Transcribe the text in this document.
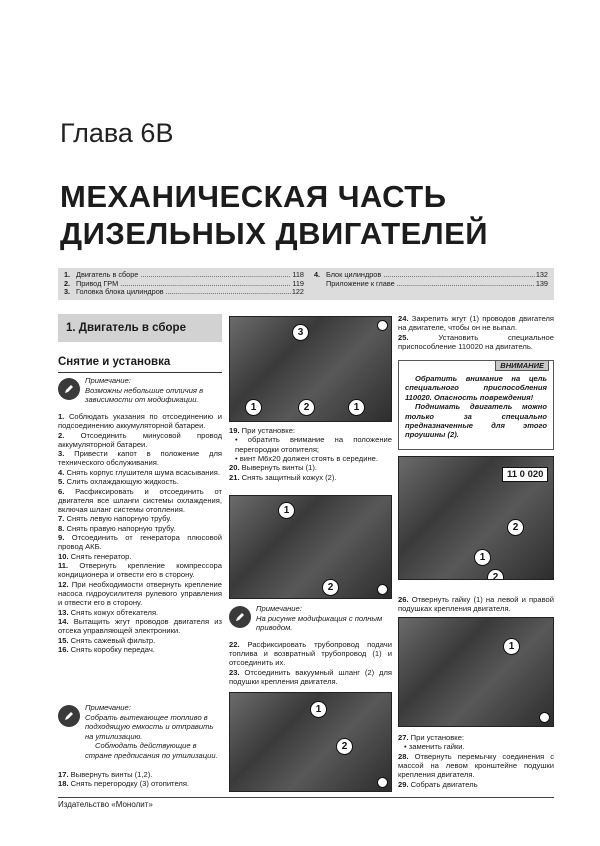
Глава 6В
МЕХАНИЧЕСКАЯ ЧАСТЬ
ДИЗЕЛЬНЫХ ДВИГАТЕЛЕЙ
1. Двигатель в сборе .....	118
2. Привод ГРМ .....	119
3. Головка блока цилиндров .....	122
4. Блок цилиндров .....	132
Приложение к главе .....	139
1. Двигатель в сборе
Снятие и установка
Примечание:
Возможны небольшие отличия в зависимости от модификации.

1. Соблюдать указания по отсоединению и подсоединению аккумуляторной батареи.

2. Отсоединить минусовой провод аккумуляторной батареи.

3. Привести капот в положение для технического обслуживания.

4. Снять корпус глушителя шума всасывания.

5. Слить охлаждающую жидкость.

6. Расфиксировать и отсоединить от двигателя все шланги системы охлаждения, включая шланг системы отопления.

7. Снять левую напорную трубу.

8. Снять правую напорную трубу.

9. Отсоединить от генератора плюсовой провод АКБ.

10. Снять генератор.

11. Отвернуть крепление компрессора кондиционера и отвести его в сторону.

12. При необходимости отвернуть крепление насоса гидроусилителя рулевого управления и отвести его в сторону.

13. Снять кожух обтекателя.

14. Вытащить жгут проводов двигателя из отсека управляющей электроники.

15. Снять сажевый фильтр.

16. Снять коробку передач.

Примечание:
Собрать вытекающее топливо в подходящую емкость и отправить на утилизацию.
Соблюдать действующие в стране предписания по утилизации.

17. Вывернуть винты (1,2).

18. Снять перегородку (3) отопителя.

3
1	2	1

19. При установке:

• обратить внимание на положение перегородки отопителя;

• винт M6x20 должен стоять в середине.

20. Вывернуть винты (1).

21. Снять защитный кожух (2).

1
2
Примечание:
На рисунке модификация с полным приводом.

22. Расфиксировать трубопровод подачи топлива и возвратный трубопровод (1) и отсоединить их.

23. Отсоединить вакуумный шланг (2) для подушки крепления двигателя.

1
2

24. Закрепить жгут (1) проводов двигателя на двигателе, чтобы он не выпал.

25. Установить специальное приспособление 110020 на двигатель.

ВНИМАНИЕ

Обратить внимание на цель специального приспособления 110020. Опасность повреждения!

Поднимать двигатель можно только за специально предназначенные для этого проушины (2).

11 0 020
1
2
2

26. Отвернуть гайку (1) на левой и правой подушках крепления двигателя.

1

27. При установке:

• заменить гайки.

28. Отвернуть перемычку соединения с массой на левом кронштейне подушки крепления двигателя.

29. Собрать двигатель

Издательство «Монолит»
